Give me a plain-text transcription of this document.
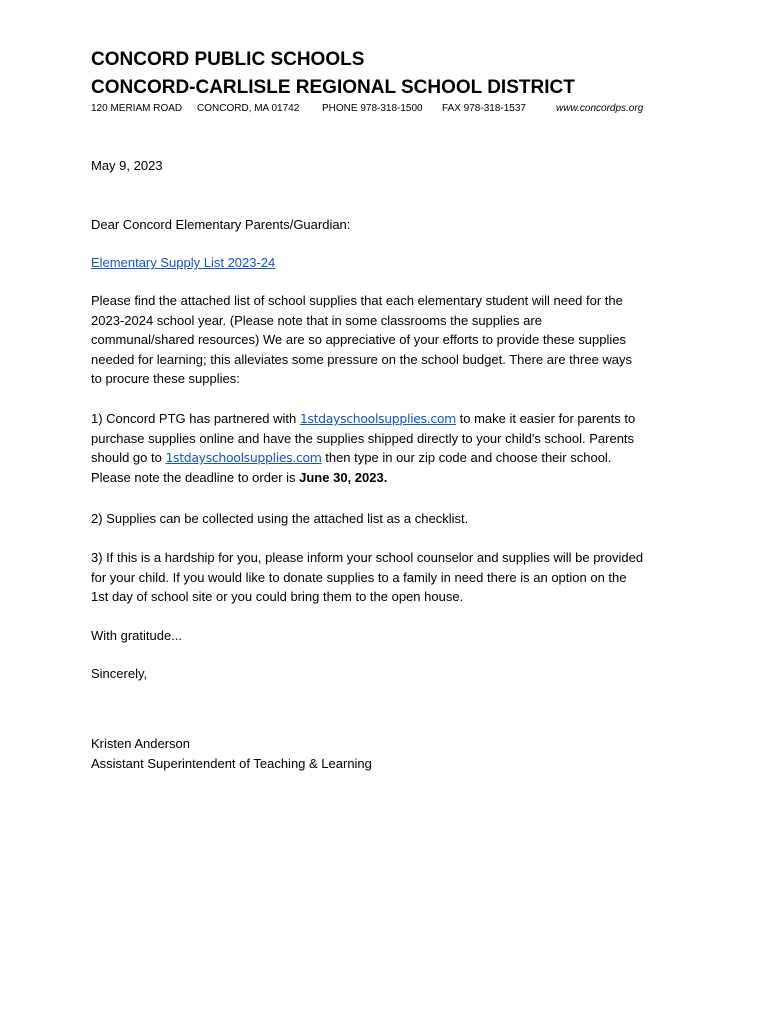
CONCORD PUBLIC SCHOOLS
CONCORD-CARLISLE REGIONAL SCHOOL DISTRICT
120 MERIAM ROAD CONCORD, MA 01742 PHONE 978-318-1500 FAX 978-318-1537	www.concordps.org
May 9, 2023
Dear Concord Elementary Parents/Guardian:
Elementary Supply List 2023-24
Please find the attached list of school supplies that each elementary student will need for the
2023-2024 school year. (Please note that in some classrooms the supplies are
communal/shared resources) We are so appreciative of your efforts to provide these supplies
needed for learning; this alleviates some pressure on the school budget. There are three ways
to procure these supplies:
1) Concord PTG has partnered with 1stdayschoolsupplies.com to make it easier for parents to
purchase supplies online and have the supplies shipped directly to your child's school. Parents
should go to 1stdayschoolsupplies.com then type in our zip code and choose their school.
Please note the deadline to order is June 30, 2023.
2) Supplies can be collected using the attached list as a checklist.
3) If this is a hardship for you, please inform your school counselor and supplies will be provided
for your child. If you would like to donate supplies to a family in need there is an option on the
1st day of school site or you could bring them to the open house.
With gratitude...
Sincerely,
Kristen Anderson
Assistant Superintendent of Teaching & Learning
